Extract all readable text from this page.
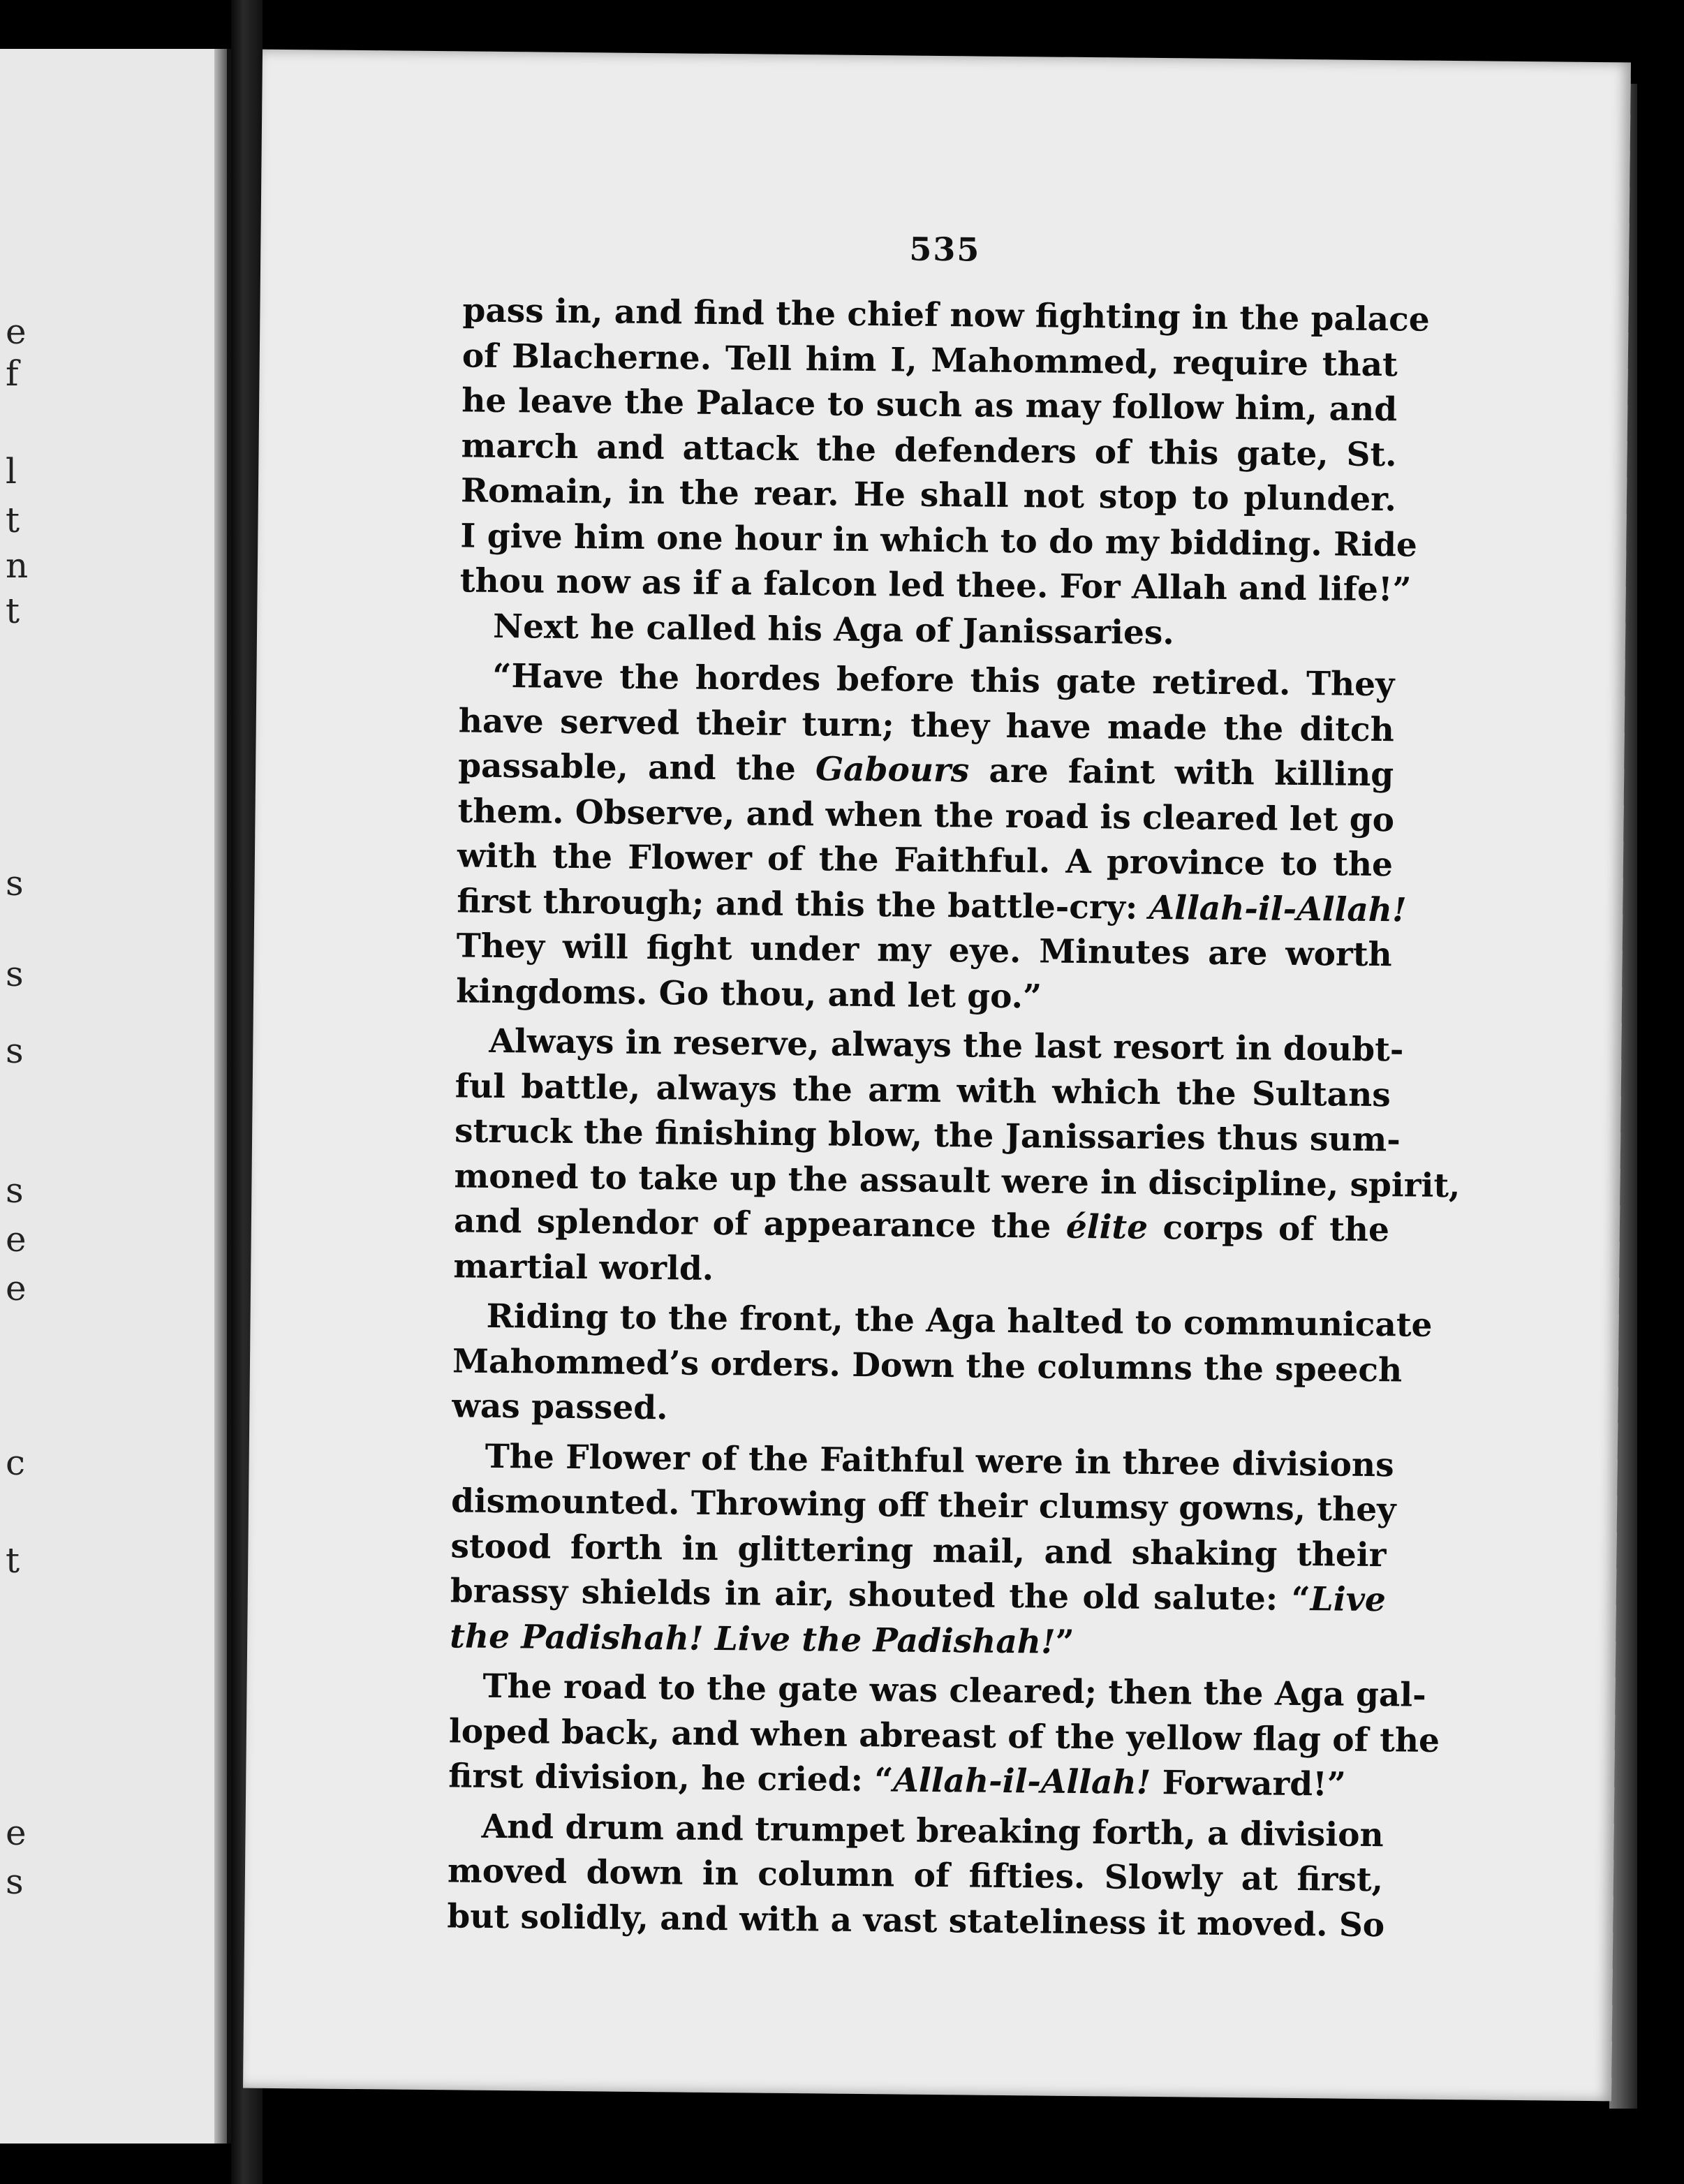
e
f
l
t
n
t
s
s
s
s
e
e
c
t
e
s
535
pass in, and find the chief now fighting in the palace
of Blacherne. Tell him I, Mahommed, require that
he leave the Palace to such as may follow him, and
march and attack the defenders of this gate, St.
Romain, in the rear. He shall not stop to plunder.
I give him one hour in which to do my bidding. Ride
thou now as if a falcon led thee. For Allah and life!”
Next he called his Aga of Janissaries.
“Have the hordes before this gate retired. They
have served their turn; they have made the ditch
passable, and the Gabours are faint with killing
them. Observe, and when the road is cleared let go
with the Flower of the Faithful. A province to the
first through; and this the battle-cry: Allah-il-Allah!
They will fight under my eye. Minutes are worth
kingdoms. Go thou, and let go.”
Always in reserve, always the last resort in doubt-
ful battle, always the arm with which the Sultans
struck the finishing blow, the Janissaries thus sum-
moned to take up the assault were in discipline, spirit,
and splendor of appearance the élite corps of the
martial world.
Riding to the front, the Aga halted to communicate
Mahommed’s orders. Down the columns the speech
was passed.
The Flower of the Faithful were in three divisions
dismounted. Throwing off their clumsy gowns, they
stood forth in glittering mail, and shaking their
brassy shields in air, shouted the old salute: “Live
the Padishah! Live the Padishah!”
The road to the gate was cleared; then the Aga gal-
loped back, and when abreast of the yellow flag of the
first division, he cried: “Allah-il-Allah! Forward!”
And drum and trumpet breaking forth, a division
moved down in column of fifties. Slowly at first,
but solidly, and with a vast stateliness it moved. So
